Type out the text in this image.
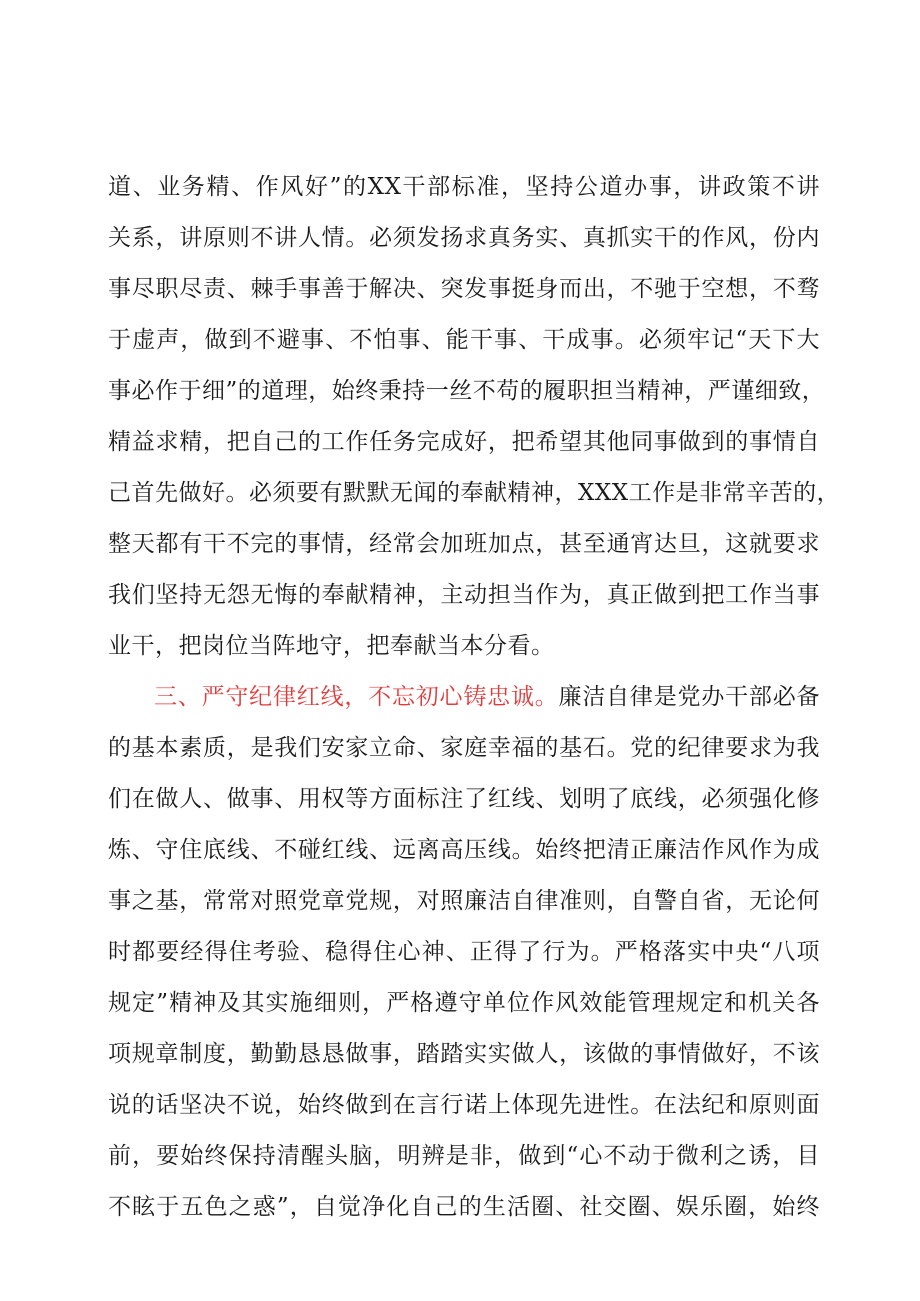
道、业务精、作风好”的XX干部标准，坚持公道办事，讲政策不讲
关系，讲原则不讲人情。必须发扬求真务实、真抓实干的作风，份内
事尽职尽责、棘手事善于解决、突发事挺身而出，不驰于空想，不骛
于虚声，做到不避事、不怕事、能干事、干成事。必须牢记“天下大
事必作于细”的道理，始终秉持一丝不苟的履职担当精神，严谨细致，
精益求精，把自己的工作任务完成好，把希望其他同事做到的事情自
己首先做好。必须要有默默无闻的奉献精神，XXX工作是非常辛苦的，
整天都有干不完的事情，经常会加班加点，甚至通宵达旦，这就要求
我们坚持无怨无悔的奉献精神，主动担当作为，真正做到把工作当事
业干，把岗位当阵地守，把奉献当本分看。
三、严守纪律红线，不忘初心铸忠诚。廉洁自律是党办干部必备
的基本素质，是我们安家立命、家庭幸福的基石。党的纪律要求为我
们在做人、做事、用权等方面标注了红线、划明了底线，必须强化修
炼、守住底线、不碰红线、远离高压线。始终把清正廉洁作风作为成
事之基，常常对照党章党规，对照廉洁自律准则，自警自省，无论何
时都要经得住考验、稳得住心神、正得了行为。严格落实中央“八项
规定”精神及其实施细则，严格遵守单位作风效能管理规定和机关各
项规章制度，勤勤恳恳做事，踏踏实实做人，该做的事情做好，不该
说的话坚决不说，始终做到在言行诺上体现先进性。在法纪和原则面
前，要始终保持清醒头脑，明辨是非，做到“心不动于微利之诱，目
不眩于五色之惑”，自觉净化自己的生活圈、社交圈、娱乐圈，始终
